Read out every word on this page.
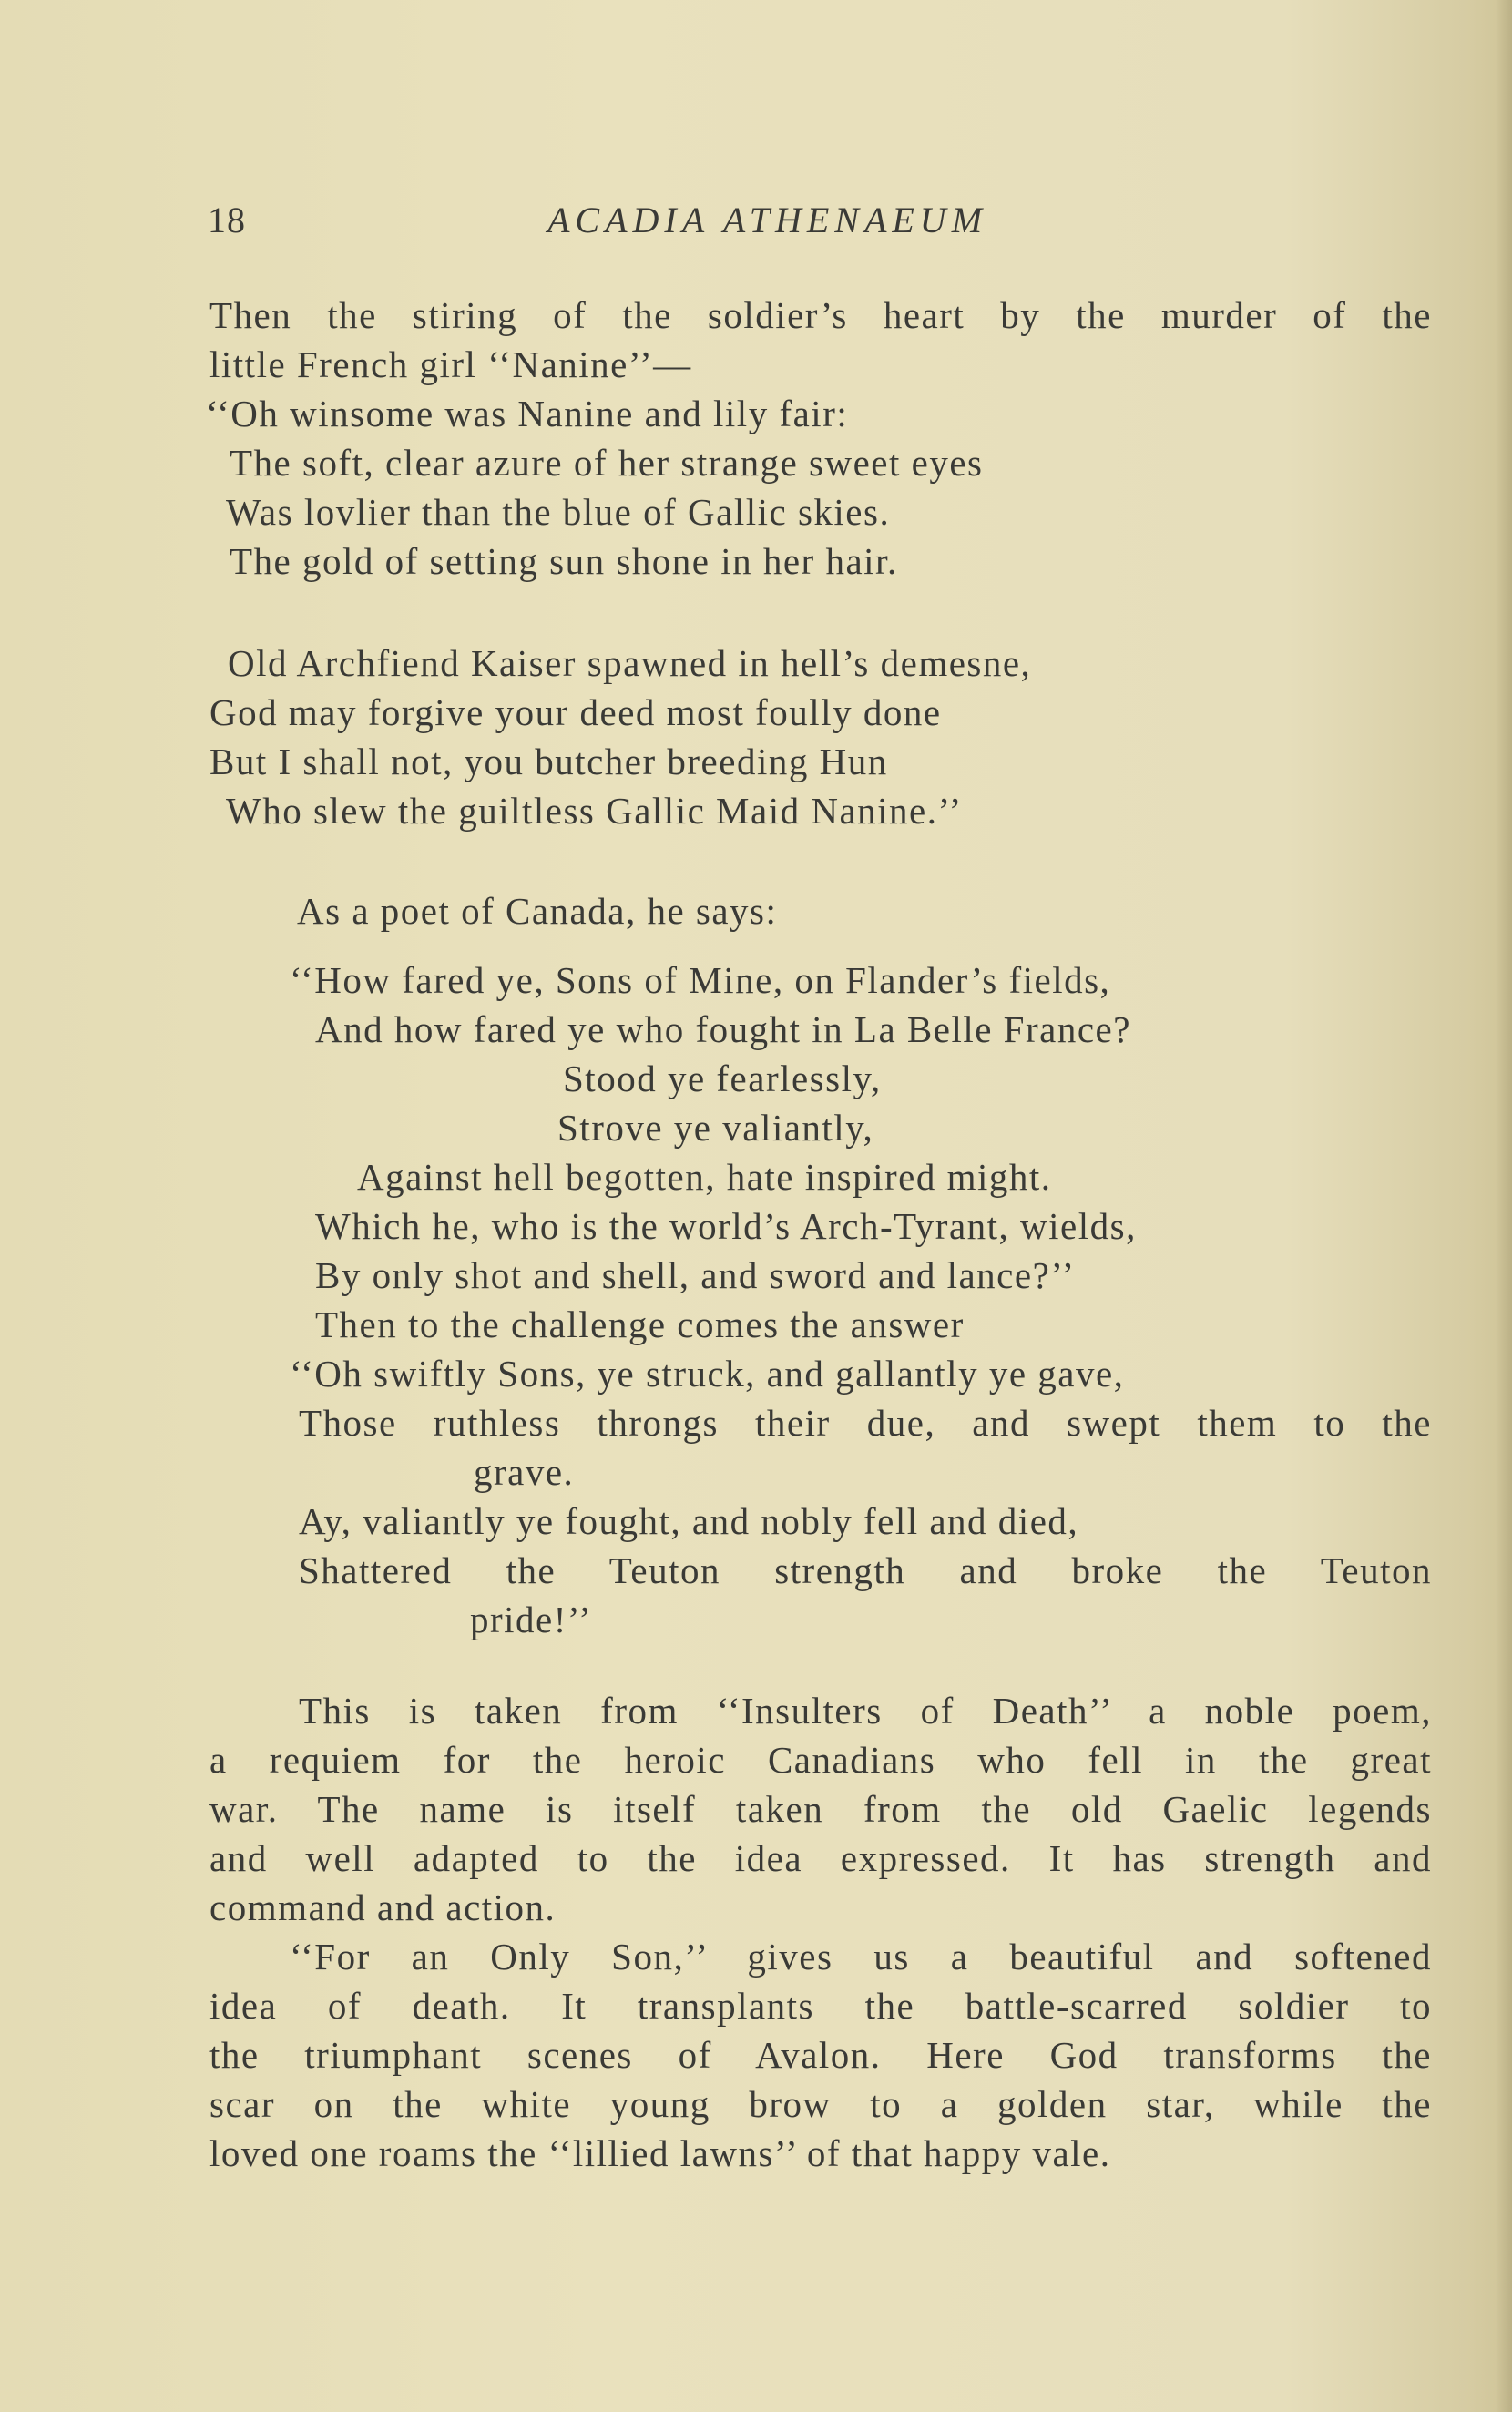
18	ACADIA ATHENAEUM
Then the stiring of the soldier’s heart by the murder of the
little French girl ‘‘Nanine’’—
‘‘Oh winsome was Nanine and lily fair:
The soft, clear azure of her strange sweet eyes
Was lovlier than the blue of Gallic skies.
The gold of setting sun shone in her hair.
Old Archfiend Kaiser spawned in hell’s demesne,
God may forgive your deed most foully done
But I shall not, you butcher breeding Hun
Who slew the guiltless Gallic Maid Nanine.’’
As a poet of Canada, he says:
‘‘How fared ye, Sons of Mine, on Flander’s fields,
And how fared ye who fought in La Belle France?
Stood ye fearlessly,
Strove ye valiantly,
Against hell begotten, hate inspired might.
Which he, who is the world’s Arch-Tyrant, wields,
By only shot and shell, and sword and lance?’’
Then to the challenge comes the answer
‘‘Oh swiftly Sons, ye struck, and gallantly ye gave,
Those ruthless throngs their due, and swept them to the
grave.
Ay, valiantly ye fought, and nobly fell and died,
Shattered the Teuton strength and broke the Teuton
pride!’’
This is taken from ‘‘Insulters of Death’’ a noble poem,
a requiem for the heroic Canadians who fell in the great
war. The name is itself taken from the old Gaelic legends
and well adapted to the idea expressed. It has strength and
command and action.
‘‘For an Only Son,’’ gives us a beautiful and softened
idea of death. It transplants the battle-scarred soldier to
the triumphant scenes of Avalon. Here God transforms the
scar on the white young brow to a golden star, while the
loved one roams the ‘‘lillied lawns’’ of that happy vale.
